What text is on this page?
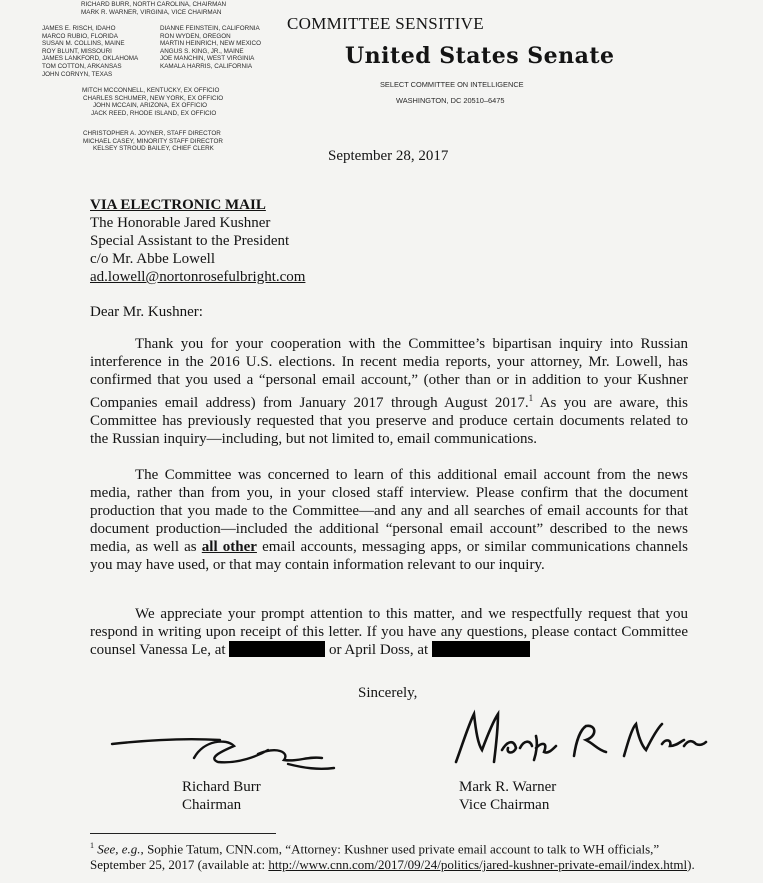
RICHARD BURR, NORTH CAROLINA, CHAIRMAN
MARK R. WARNER, VIRGINIA, VICE CHAIRMAN
JAMES E. RISCH, IDAHO
MARCO RUBIO, FLORIDA
SUSAN M. COLLINS, MAINE
ROY BLUNT, MISSOURI
JAMES LANKFORD, OKLAHOMA
TOM COTTON, ARKANSAS
JOHN CORNYN, TEXAS
DIANNE FEINSTEIN, CALIFORNIA
RON WYDEN, OREGON
MARTIN HEINRICH, NEW MEXICO
ANGUS S. KING, JR., MAINE
JOE MANCHIN, WEST VIRGINIA
KAMALA HARRIS, CALIFORNIA
MITCH MCCONNELL, KENTUCKY, EX OFFICIO
CHARLES SCHUMER, NEW YORK, EX OFFICIO
JOHN MCCAIN, ARIZONA, EX OFFICIO
JACK REED, RHODE ISLAND, EX OFFICIO
CHRISTOPHER A. JOYNER, STAFF DIRECTOR
MICHAEL CASEY, MINORITY STAFF DIRECTOR
KELSEY STROUD BAILEY, CHIEF CLERK
COMMITTEE SENSITIVE
United States Senate
SELECT COMMITTEE ON INTELLIGENCE
WASHINGTON, DC 20510–6475
September 28, 2017
VIA ELECTRONIC MAIL
The Honorable Jared Kushner
Special Assistant to the President
c/o Mr. Abbe Lowell
ad.lowell@nortonrosefulbright.com
Dear Mr. Kushner:
Thank you for your cooperation with the Committee’s bipartisan inquiry into Russian interference in the 2016 U.S. elections. In recent media reports, your attorney, Mr. Lowell, has confirmed that you used a “personal email account,” (other than or in addition to your Kushner Companies email address) from January 2017 through August 2017.$^1$ As you are aware, this Committee has previously requested that you preserve and produce certain documents related to the Russian inquiry—including, but not limited to, email communications.
The Committee was concerned to learn of this additional email account from the news media, rather than from you, in your closed staff interview. Please confirm that the document production that you made to the Committee—and any and all searches of email accounts for that document production—included the additional “personal email account” described to the news media, as well as all other email accounts, messaging apps, or similar communications channels you may have used, or that may contain information relevant to our inquiry.
We appreciate your prompt attention to this matter, and we respectfully request that you respond in writing upon receipt of this letter. If you have any questions, please contact Committee counsel Vanessa Le, at	or April Doss, at
Sincerely,
Richard Burr
Chairman
Mark R. Warner
Vice Chairman
$^1$ See, e.g., Sophie Tatum, CNN.com, “Attorney: Kushner used private email account to talk to WH officials,” September 25, 2017 (available at: http://www.cnn.com/2017/09/24/politics/jared-kushner-private-email/index.html).
